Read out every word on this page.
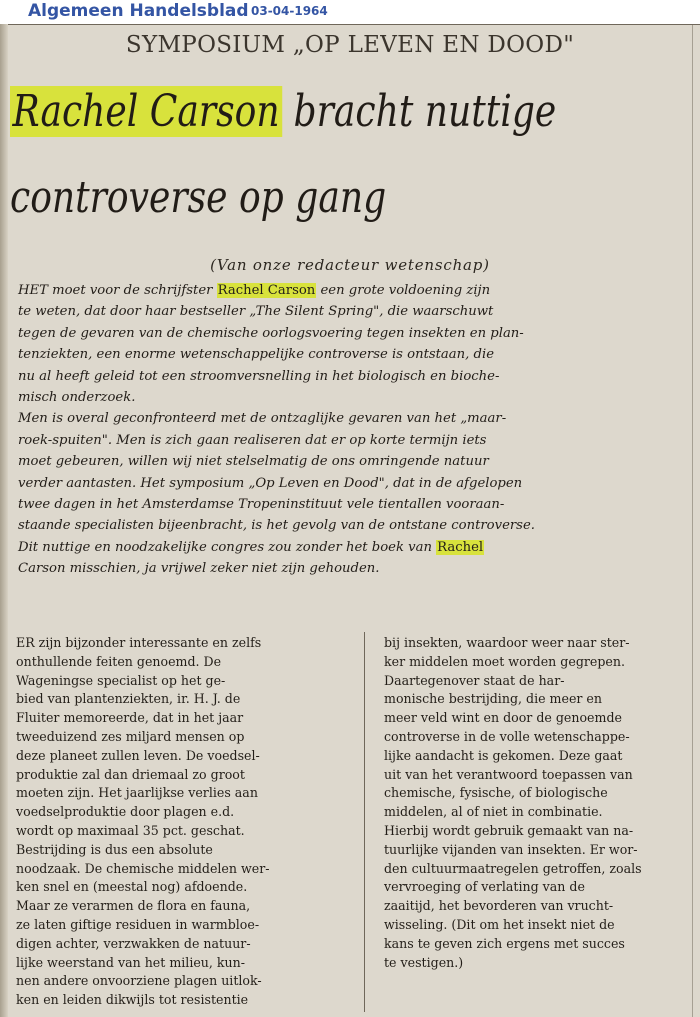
Algemeen Handelsblad 03-04-1964
SYMPOSIUM „OP LEVEN EN DOOD"
Rachel Carson bracht nuttige
controverse op gang
(Van onze redacteur wetenschap)
HET moet voor de schrijfster Rachel Carson een grote voldoening zijn
te weten, dat door haar bestseller „The Silent Spring", die waarschuwt
tegen de gevaren van de chemische oorlogsvoering tegen insekten en plan-
tenziekten, een enorme wetenschappelijke controverse is ontstaan, die
nu al heeft geleid tot een stroomversnelling in het biologisch en bioche-
misch onderzoek.
Men is overal geconfronteerd met de ontzaglijke gevaren van het „maar-
roek-spuiten". Men is zich gaan realiseren dat er op korte termijn iets
moet gebeuren, willen wij niet stelselmatig de ons omringende natuur
verder aantasten. Het symposium „Op Leven en Dood", dat in de afgelopen
twee dagen in het Amsterdamse Tropeninstituut vele tientallen vooraan-
staande specialisten bijeenbracht, is het gevolg van de ontstane controverse.
Dit nuttige en noodzakelijke congres zou zonder het boek van Rachel
Carson misschien, ja vrijwel zeker niet zijn gehouden.
ER zijn bijzonder interessante en zelfs
onthullende feiten genoemd. De
Wageningse specialist op het ge-
bied van plantenziekten, ir. H. J. de
Fluiter memoreerde, dat in het jaar
tweeduizend zes miljard mensen op
deze planeet zullen leven. De voedsel-
produktie zal dan driemaal zo groot
moeten zijn. Het jaarlijkse verlies aan
voedselproduktie door plagen e.d.
wordt op maximaal 35 pct. geschat.
Bestrijding is dus een absolute
noodzaak. De chemische middelen wer-
ken snel en (meestal nog) afdoende.
Maar ze verarmen de flora en fauna,
ze laten giftige residuen in warmbloe-
digen achter, verzwakken de natuur-
lijke weerstand van het milieu, kun-
nen andere onvoorziene plagen uitlok-
ken en leiden dikwijls tot resistentie
bij insekten, waardoor weer naar ster-
ker middelen moet worden gegrepen.
Daartegenover staat de har-
monische bestrijding, die meer en
meer veld wint en door de genoemde
controverse in de volle wetenschappe-
lijke aandacht is gekomen. Deze gaat
uit van het verantwoord toepassen van
chemische, fysische, of biologische
middelen, al of niet in combinatie.
Hierbij wordt gebruik gemaakt van na-
tuurlijke vijanden van insekten. Er wor-
den cultuurmaatregelen getroffen, zoals
vervroeging of verlating van de
zaaitijd, het bevorderen van vrucht-
wisseling. (Dit om het insekt niet de
kans te geven zich ergens met succes
te vestigen.)
